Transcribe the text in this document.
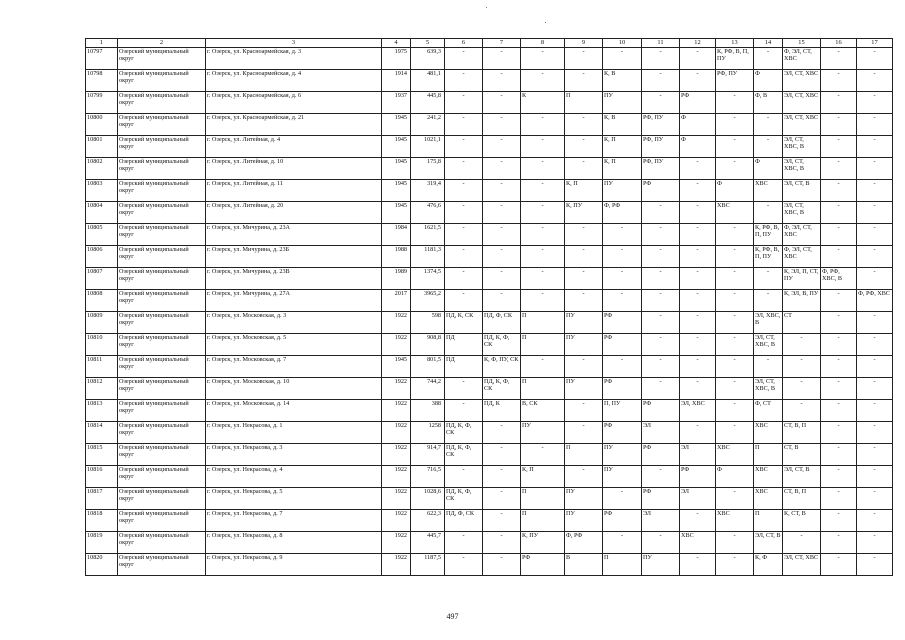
1	2	3	4	5	6	7	8	9	10	11	12	13	14	15	16	17
10797	Озерский муниципальный округ	г. Озерск, ул. Красноармейская, д. 3	1975	639,3	-	-	-	-	-	-	-	К, РФ, В, П, ПУ	-	Ф, ЭЛ, СТ, ХВС	-	-
10798	Озерский муниципальный округ	г. Озерск, ул. Красноармейская, д. 4	1914	481,1	-	-	-	-	К, В	-	-	РФ, ПУ	Ф	ЭЛ, СТ, ХВС	-	-
10799	Озерский муниципальный округ	г. Озерск, ул. Красноармейская, д. 6	1937	445,8	-	-	К	П	ПУ	-	РФ	-	Ф, В	ЭЛ, СТ, ХВС	-	-
10800	Озерский муниципальный округ	г. Озерск, ул. Красноармейская, д. 21	1945	241,2	-	-	-	-	К, В	РФ, ПУ	Ф	-	-	ЭЛ, СТ, ХВС	-	-
10801	Озерский муниципальный округ	г. Озерск, ул. Литейная, д. 4	1945	1021,1	-	-	-	-	К, П	РФ, ПУ	Ф	-	-	ЭЛ, СТ, ХВС, В	-	-
10802	Озерский муниципальный округ	г. Озерск, ул. Литейная, д. 10	1945	175,8	-	-	-	-	К, П	РФ, ПУ	-	-	Ф	ЭЛ, СТ, ХВС, В	-	-
10803	Озерский муниципальный округ	г. Озерск, ул. Литейная, д. 11	1945	319,4	-	-	-	К, П	ПУ	РФ	-	Ф	ХВС	ЭЛ, СТ, В	-	-
10804	Озерский муниципальный округ	г. Озерск, ул. Литейная, д. 20	1945	476,6	-	-	-	К, ПУ	Ф, РФ	-	-	ХВС	-	ЭЛ, СТ, ХВС, В	-	-
10805	Озерский муниципальный округ	г. Озерск, ул. Мичурина, д. 23А	1984	1621,5	-	-	-	-	-	-	-	-	К, РФ, В, П, ПУ	Ф, ЭЛ, СТ, ХВС	-	-
10806	Озерский муниципальный округ	г. Озерск, ул. Мичурина, д. 23Б	1988	1181,3	-	-	-	-	-	-	-	-	К, РФ, В, П, ПУ	Ф, ЭЛ, СТ, ХВС	-	-
10807	Озерский муниципальный округ	г. Озерск, ул. Мичурина, д. 23В	1989	1374,5	-	-	-	-	-	-	-	-	-	К, ЭЛ, П, СТ, ПУ	Ф, РФ, ХВС, В	-
10808	Озерский муниципальный округ	г. Озерск, ул. Мичурина, д. 27А	2017	3965,2	-	-	-	-	-	-	-	-	-	К, ЭЛ, В, ПУ	-	Ф, РФ, ХВС
10809	Озерский муниципальный округ	г. Озерск, ул. Московская, д. 3	1922	598	ПД, К, СК	ПД, Ф, СК	П	ПУ	РФ	-	-	-	ЭЛ, ХВС, В	СТ	-	-
10810	Озерский муниципальный округ	г. Озерск, ул. Московская, д. 5	1922	908,8	ПД	ПД, К, Ф, СК	П	ПУ	РФ	-	-	-	ЭЛ, СТ, ХВС, В	-	-	-
10811	Озерский муниципальный округ	г. Озерск, ул. Московская, д. 7	1945	801,5	ПД	К, Ф, ПУ, СК	-	-	-	-	-	-	-	-	-	-
10812	Озерский муниципальный округ	г. Озерск, ул. Московская, д. 10	1922	744,2	-	ПД, К, Ф, СК	П	ПУ	РФ	-	-	-	ЭЛ, СТ, ХВС, В	-	-	-
10813	Озерский муниципальный округ	г. Озерск, ул. Московская, д. 14	1922	388	-	ПД, К	В, СК	-	П, ПУ	РФ	ЭЛ, ХВС	-	Ф, СТ	-	-	-
10814	Озерский муниципальный округ	г. Озерск, ул. Некрасова, д. 1	1922	1258	ПД, К, Ф, СК	-	ПУ	-	РФ	ЭЛ	-	-	ХВС	СТ, В, П	-	-
10815	Озерский муниципальный округ	г. Озерск, ул. Некрасова, д. 3	1922	914,7	ПД, К, Ф, СК	-	-	П	ПУ	РФ	ЭЛ	ХВС	П	СТ, В	-	-
10816	Озерский муниципальный округ	г. Озерск, ул. Некрасова, д. 4	1922	716,5	-	-	К, П	-	ПУ	-	РФ	Ф	ХВС	ЭЛ, СТ, В	-	-
10817	Озерский муниципальный округ	г. Озерск, ул. Некрасова, д. 5	1922	1028,6	ПД, К, Ф, СК	-	П	ПУ	-	РФ	ЭЛ	-	ХВС	СТ, В, П	-	-
10818	Озерский муниципальный округ	г. Озерск, ул. Некрасова, д. 7	1922	622,3	ПД, Ф, СК	-	П	ПУ	РФ	ЭЛ	-	ХВС	П	К, СТ, В	-	-
10819	Озерский муниципальный округ	г. Озерск, ул. Некрасова, д. 8	1922	445,7	-	-	К, ПУ	Ф, РФ	-	-	ХВС	-	ЭЛ, СТ, В	-	-	-
10820	Озерский муниципальный округ	г. Озерск, ул. Некрасова, д. 9	1922	1187,5	-	-	РФ	В	П	ПУ	-	-	К, Ф	ЭЛ, СТ, ХВС	-	-
497
